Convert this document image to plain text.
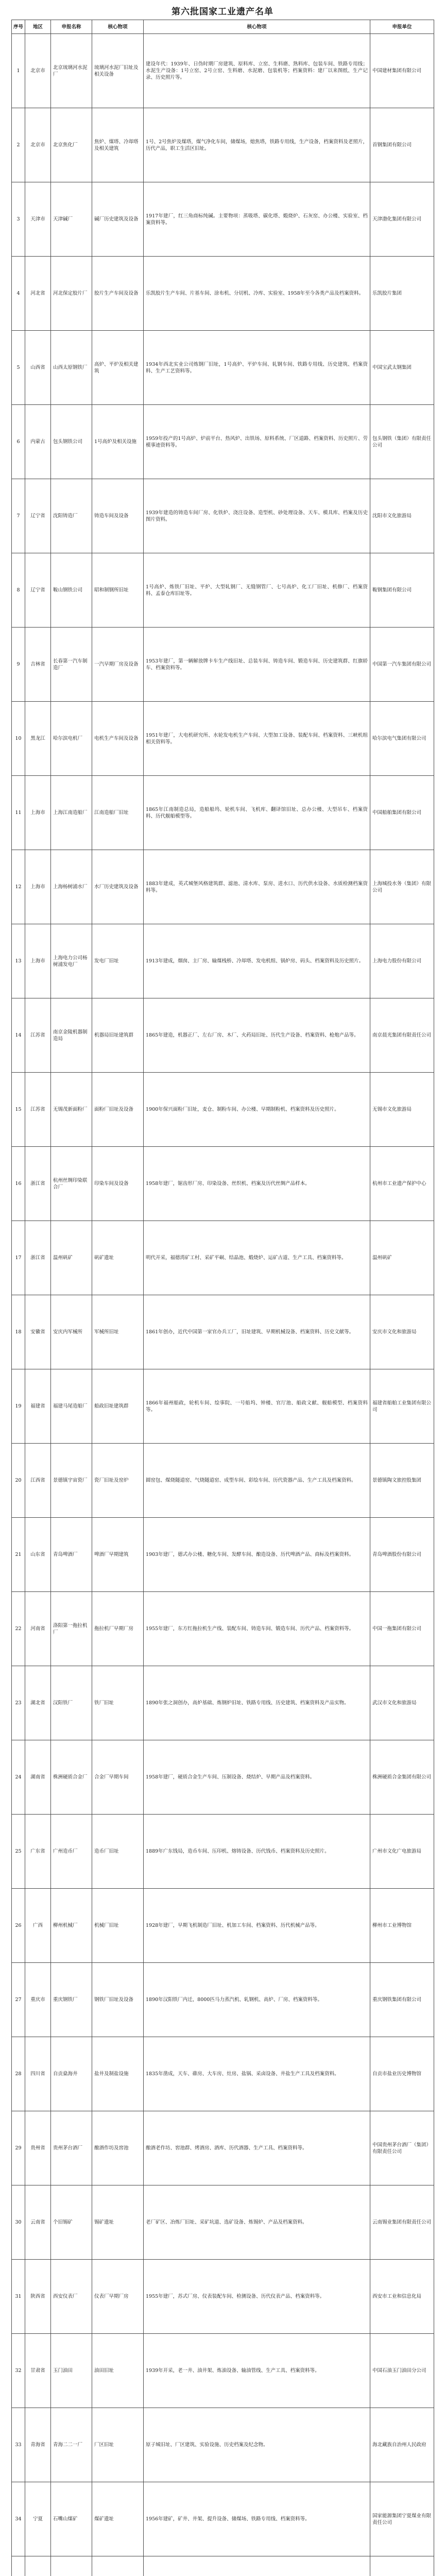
第六批国家工业遗产名单
序号	地区	申报名称	核心物项	核心物项	申报单位
1	北京市	北京琉璃河水泥厂	琉璃河水泥厂旧址及相关设备	建设年代：1939年、日伪时期厂房建筑、原料库、立窑、生料磨、熟料库、包装车间、铁路专用线；水泥生产设备：1号立窑、2号立窑、生料磨、水泥磨、包装机等；档案资料：建厂以来图纸、生产记录、历史照片等。	中国建材集团有限公司
2	北京市	北京焦化厂	焦炉、煤塔、冷却塔及相关建筑	1号、2号焦炉及煤塔，煤气净化车间，储煤场，熄焦塔，铁路专用线，生产设备，档案资料及老照片，历代产品，职工生活区旧址。	首钢集团有限公司
3	天津市	天津碱厂	碱厂历史建筑及设备	1917年建厂，红三角商标纯碱。主要物项：蒸吸塔、碳化塔、煅烧炉、石灰窑、办公楼、实验室、档案资料等。	天津渤化集团有限公司
4	河北省	河北保定胶片厂	胶片生产车间及设备	乐凯胶片生产车间、片基车间、涂布机、分切机、冷库、实验室、1958年至今各类产品及档案资料。	乐凯胶片集团
5	山西省	山西太原钢铁厂	高炉、平炉及相关建筑	1934年西北实业公司炼钢厂旧址，1号高炉、平炉车间、轧钢车间、铁路专用线、历史建筑、档案资料、生产工艺资料等。	中国宝武太钢集团
6	内蒙古	包头钢铁公司	1号高炉及相关设施	1959年投产的1号高炉、炉前平台、热风炉、出铁场、原料系统、厂区道路、档案资料、历史照片、劳模事迹资料等。	包头钢铁（集团）有限责任公司
7	辽宁省	沈阳铸造厂	铸造车间及设备	1939年建造的铸造车间厂房、化铁炉、浇注设备、造型机、砂处理设备、天车、模具库、档案及历史图片资料。	沈阳市文化旅游局
8	辽宁省	鞍山钢铁公司	昭和制钢所旧址	1号高炉、炼铁厂旧址、平炉、大型轧钢厂、无缝钢管厂、七号高炉、化工厂旧址、机修厂、档案资料、孟泰仓库旧址等。	鞍钢集团有限公司
9	吉林省	长春第一汽车制造厂	一汽早期厂房及设备	1953年建厂，第一辆解放牌卡车生产线旧址、总装车间、铸造车间、锻造车间、历史建筑群、红旗轿车、档案资料等。	中国第一汽车集团有限公司
10	黑龙江	哈尔滨电机厂	电机生产车间及设备	1951年建厂，大电机研究所、水轮发电机生产车间、大型加工设备、装配车间、档案资料、三峡机组相关资料等。	哈尔滨电气集团有限公司
11	上海市	上海江南造船厂	江南造船厂旧址	1865年江南制造总局，造船船坞、轮机车间、飞机库、翻译馆旧址、总办公楼、大型吊车、档案资料、历代舰船模型等。	中国船舶集团有限公司
12	上海市	上海杨树浦水厂	水厂历史建筑及设备	1883年建成，英式城堡风格建筑群、滤池、清水库、泵房、进水口、历代供水设备、水质检测档案资料等。	上海城投水务（集团）有限公司
13	上海市	上海电力公司杨树浦发电厂	发电厂旧址	1913年建成，烟囱、主厂房、输煤栈桥、冷却塔、发电机组、锅炉房、码头、档案资料及历史照片。	上海电力股份有限公司
14	江苏省	南京金陵机器制造局	机器局旧址建筑群	1865年建造，机器正厂、左右厂房、木厂、火药局旧址、历代生产设备、档案资料、枪炮产品等。	南京晨光集团有限责任公司
15	江苏省	无锡茂新面粉厂	面粉厂旧址及设备	1900年保兴面粉厂旧址，麦仓、制粉车间、办公楼、早期制粉机、档案资料及历史照片。	无锡市文化旅游局
16	浙江省	杭州丝绸印染联合厂	印染车间及设备	1958年建厂，锯齿形厂房、印染设备、丝织机、档案及历代丝绸产品样本。	杭州市工业遗产保护中心
17	浙江省	温州矾矿	矾矿遗址	明代开采，福德湾矿工村、采矿平硐、结晶池、煅烧炉、运矿古道、生产工具、档案资料等。	温州矾矿
18	安徽省	安庆内军械所	军械所旧址	1861年创办，近代中国第一家官办兵工厂，旧址建筑、早期机械设备、档案资料、历史文献等。	安庆市文化和旅游局
19	福建省	福建马尾造船厂	船政旧址建筑群	1866年福州船政，轮机车间、绘事院、一号船坞、钟楼、官厅池、船政文献、舰船模型、档案资料等。	福建省船舶工业集团有限公司
20	江西省	景德镇宇宙瓷厂	瓷厂旧址及窑炉	圆窑包、煤烧隧道窑、气烧隧道窑、成型车间、彩绘车间、历代瓷器产品、生产工具及档案资料。	景德镇陶文旅控股集团
21	山东省	青岛啤酒厂	啤酒厂早期建筑	1903年建厂，德式办公楼、糖化车间、发酵车间、酿造设备、历代啤酒产品、商标及档案资料。	青岛啤酒股份有限公司
22	河南省	洛阳第一拖拉机厂	拖拉机厂早期厂房	1955年建厂，东方红拖拉机生产线、装配车间、铸造车间、锻造车间、历代产品、档案资料等。	中国一拖集团有限公司
23	湖北省	汉阳铁厂	铁厂旧址	1890年张之洞创办，高炉基础、炼钢炉旧址、铁路专用线、历史建筑、档案资料及产品实物。	武汉市文化和旅游局
24	湖南省	株洲硬质合金厂	合金厂早期车间	1958年建厂，硬质合金生产车间、压制设备、烧结炉、早期产品及档案资料。	株洲硬质合金集团有限公司
25	广东省	广州造币厂	造币厂旧址	1889年广东钱局，造币车间、压印机、熔铸设备、历代钱币、档案资料及历史照片。	广州市文化广电旅游局
26	广西	柳州机械厂	机械厂旧址	1928年建厂，早期飞机制造厂旧址、机加工车间、档案资料、历代机械产品等。	柳州市工业博物馆
27	重庆市	重庆钢铁厂	钢铁厂旧址及设备	1890年汉阳铁厂内迁，8000匹马力蒸汽机、轧钢机、高炉、厂房、档案资料等。	重庆钢铁集团有限公司
28	四川省	自贡燊海井	盐井及制盐设施	1835年凿成，天车、碓房、大车房、灶房、盐锅、采卤设备、井盐生产工具及档案资料。	自贡市盐业历史博物馆
29	贵州省	贵州茅台酒厂	酿酒作坊及窖池	酿酒老作坊、窖池群、烤酒房、酒库、历代酒器、生产工具、档案资料等。	中国贵州茅台酒厂（集团）有限责任公司
30	云南省	个旧锡矿	锡矿遗址	老厂矿区、冶炼厂旧址、采矿坑道、选矿设备、炼锡炉、产品及档案资料。	云南锡业集团有限责任公司
31	陕西省	西安仪表厂	仪表厂早期厂房	1955年建厂，苏式厂房、仪表装配车间、检测设备、历代仪表产品、档案资料等。	西安市工业和信息化局
32	甘肃省	玉门油田	油田旧址	1939年开采，老一井、油井架、炼油设备、输油管线、生产工具、档案资料等。	中国石油玉门油田分公司
33	青海省	青海二二一厂	厂区旧址	原子城旧址、厂区建筑、实验设施、历史档案及纪念物。	海北藏族自治州人民政府
34	宁夏	石嘴山煤矿	煤矿遗址	1956年建矿，矿井、井架、提升设备、储煤场、铁路专用线、档案资料等。	国家能源集团宁夏煤业有限责任公司
